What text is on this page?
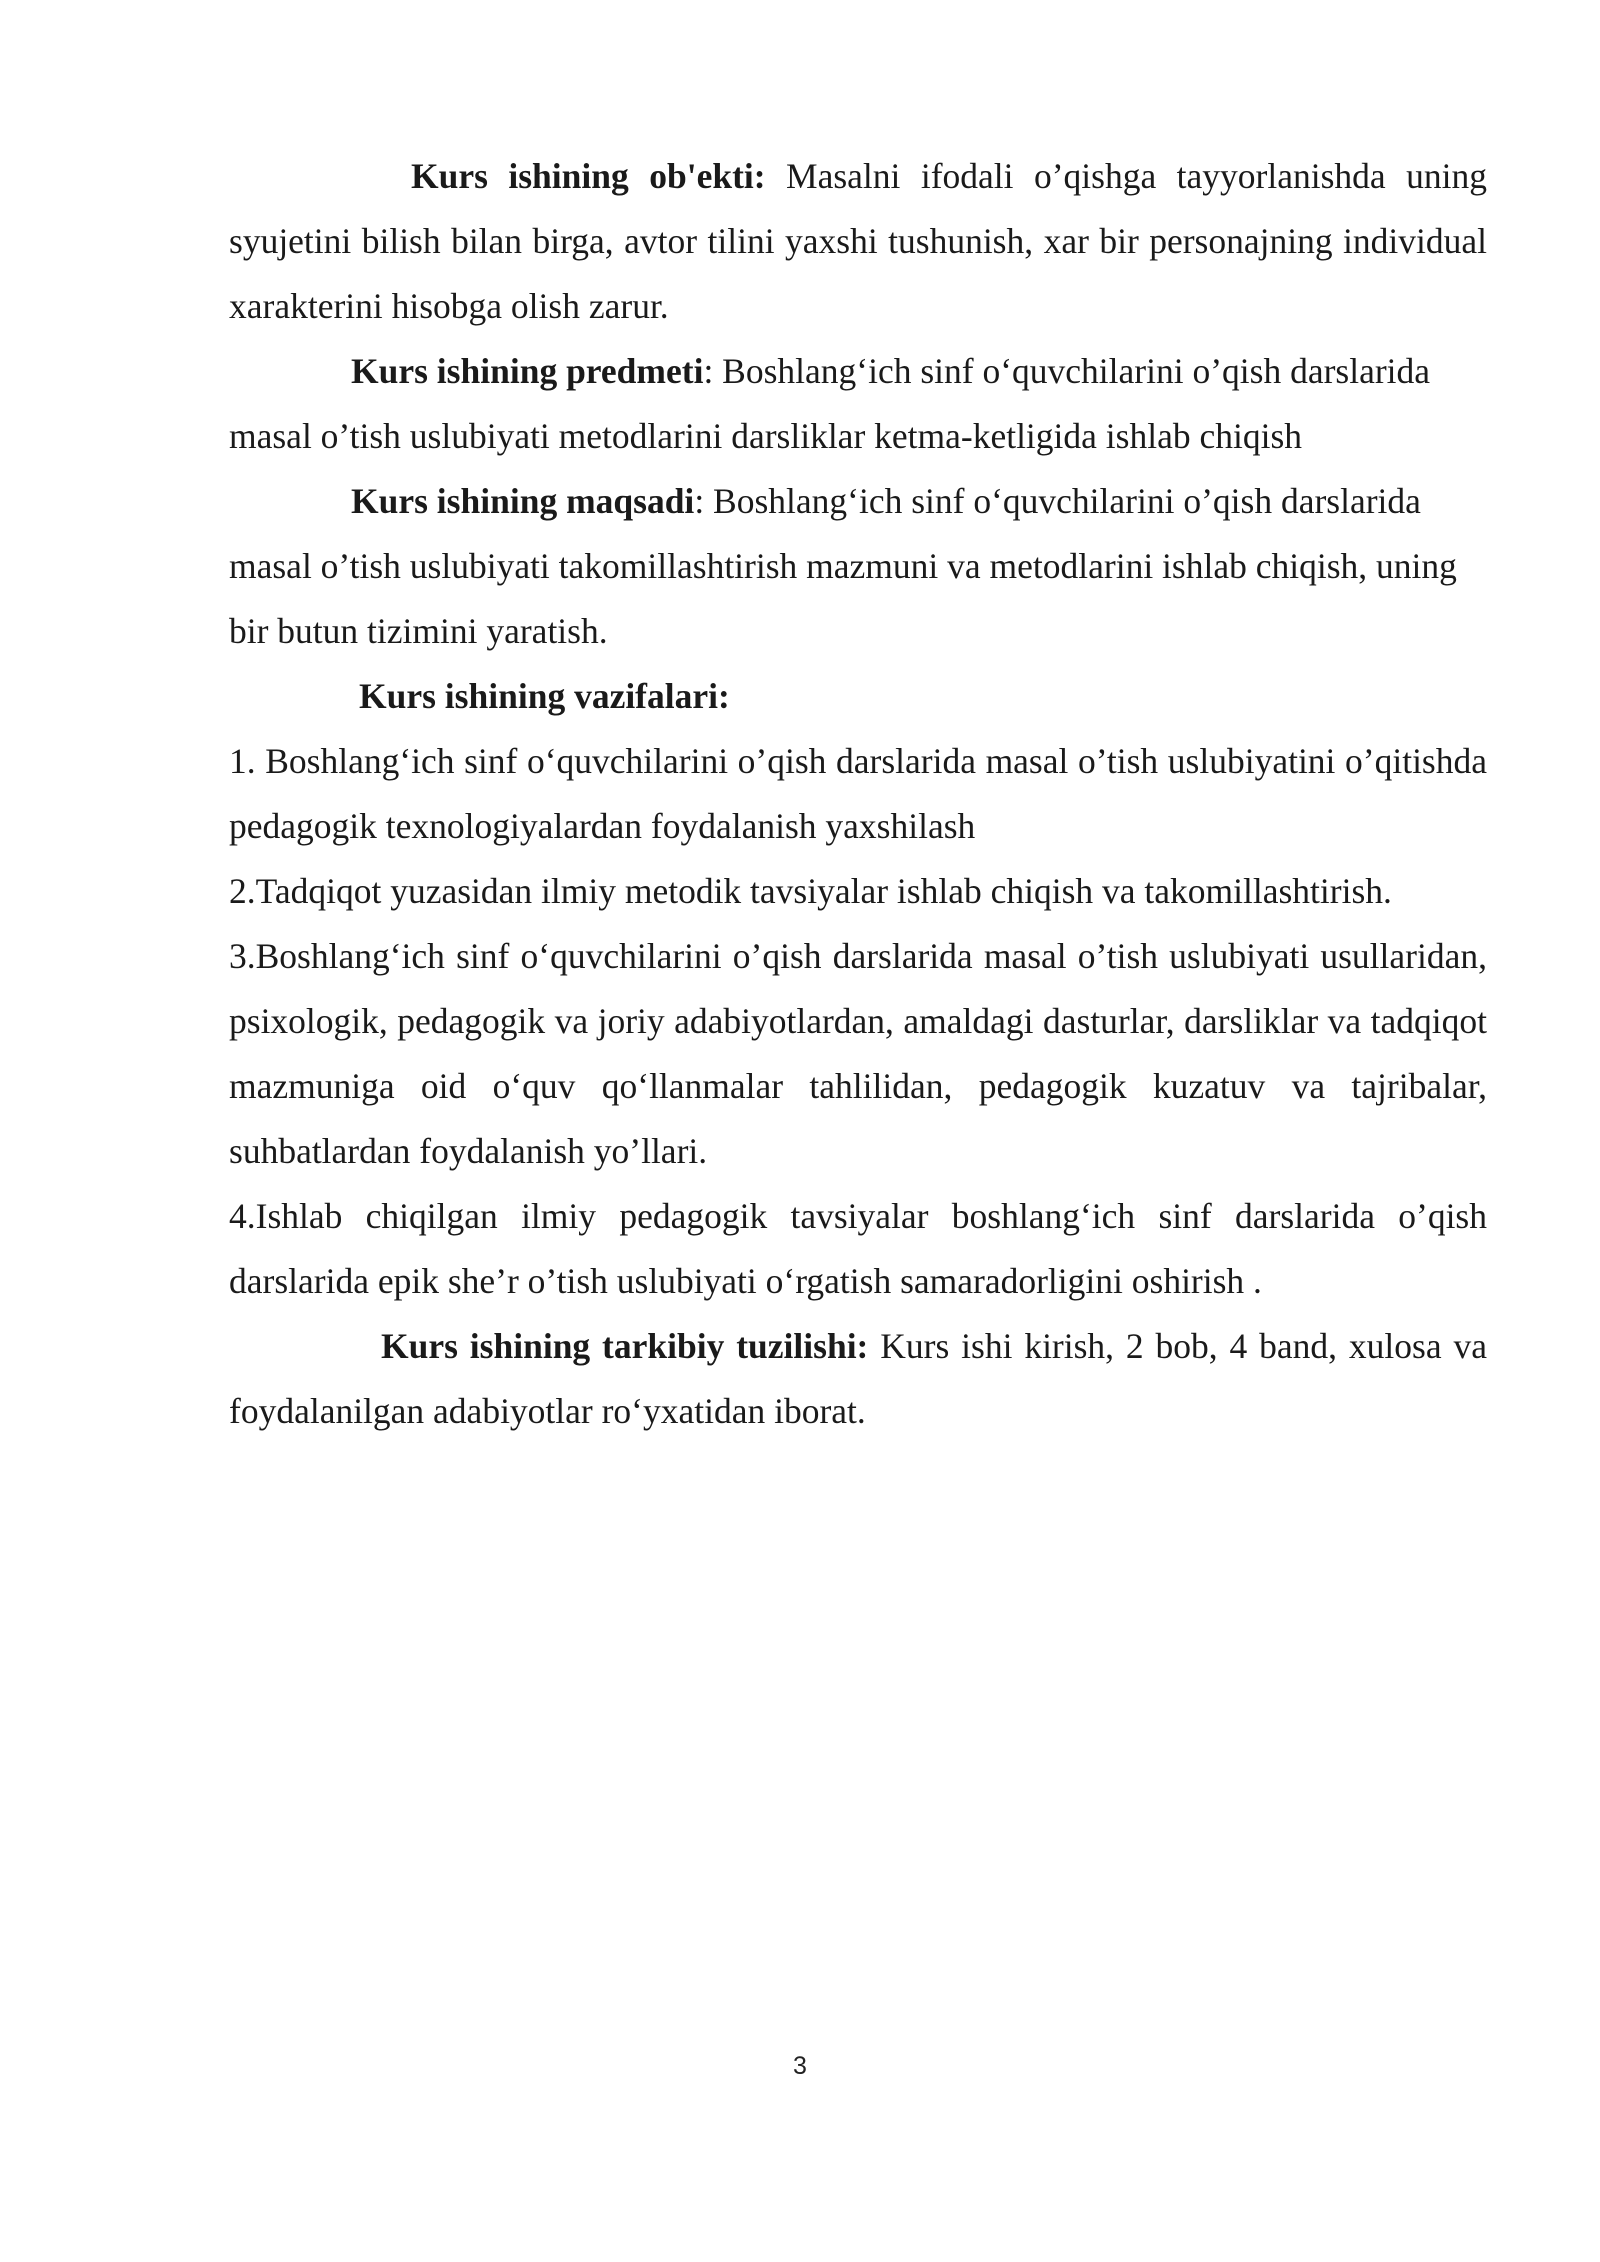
Kurs ishining ob'ekti: Masalni ifodali o’qishga tayyorlanishda uning syujetini bilish bilan birga, avtor tilini yaxshi tushunish, xar bir personajning individual xarakterini hisobga olish zarur.

Kurs ishining predmeti: Boshlang‘ich sinf o‘quvchilarini o’qish darslarida masal o’tish uslubiyati metodlarini darsliklar ketma-ketligida ishlab chiqish

Kurs ishining maqsadi: Boshlang‘ich sinf o‘quvchilarini o’qish darslarida masal o’tish uslubiyati takomillashtirish mazmuni va metodlarini ishlab chiqish, uning bir butun tizimini yaratish.

Kurs ishining vazifalari:

1. Boshlang‘ich sinf o‘quvchilarini o’qish darslarida masal o’tish uslubiyatini o’qitishda pedagogik texnologiyalardan foydalanish yaxshilash

2.Tadqiqot yuzasidan ilmiy metodik tavsiyalar ishlab chiqish va takomillashtirish.

3.Boshlang‘ich sinf o‘quvchilarini o’qish darslarida masal o’tish uslubiyati usullaridan, psixologik, pedagogik va joriy adabiyotlardan, amaldagi dasturlar, darsliklar va tadqiqot mazmuniga oid o‘quv qo‘llanmalar tahlilidan, pedagogik kuzatuv va tajribalar, suhbatlardan foydalanish yo’llari.

4.Ishlab chiqilgan ilmiy pedagogik tavsiyalar boshlang‘ich sinf darslarida o’qish darslarida epik she’r o’tish uslubiyati o‘rgatish samaradorligini oshirish .

Kurs ishining tarkibiy tuzilishi: Kurs ishi kirish, 2 bob, 4 band, xulosa va foydalanilgan adabiyotlar ro‘yxatidan iborat.

3
